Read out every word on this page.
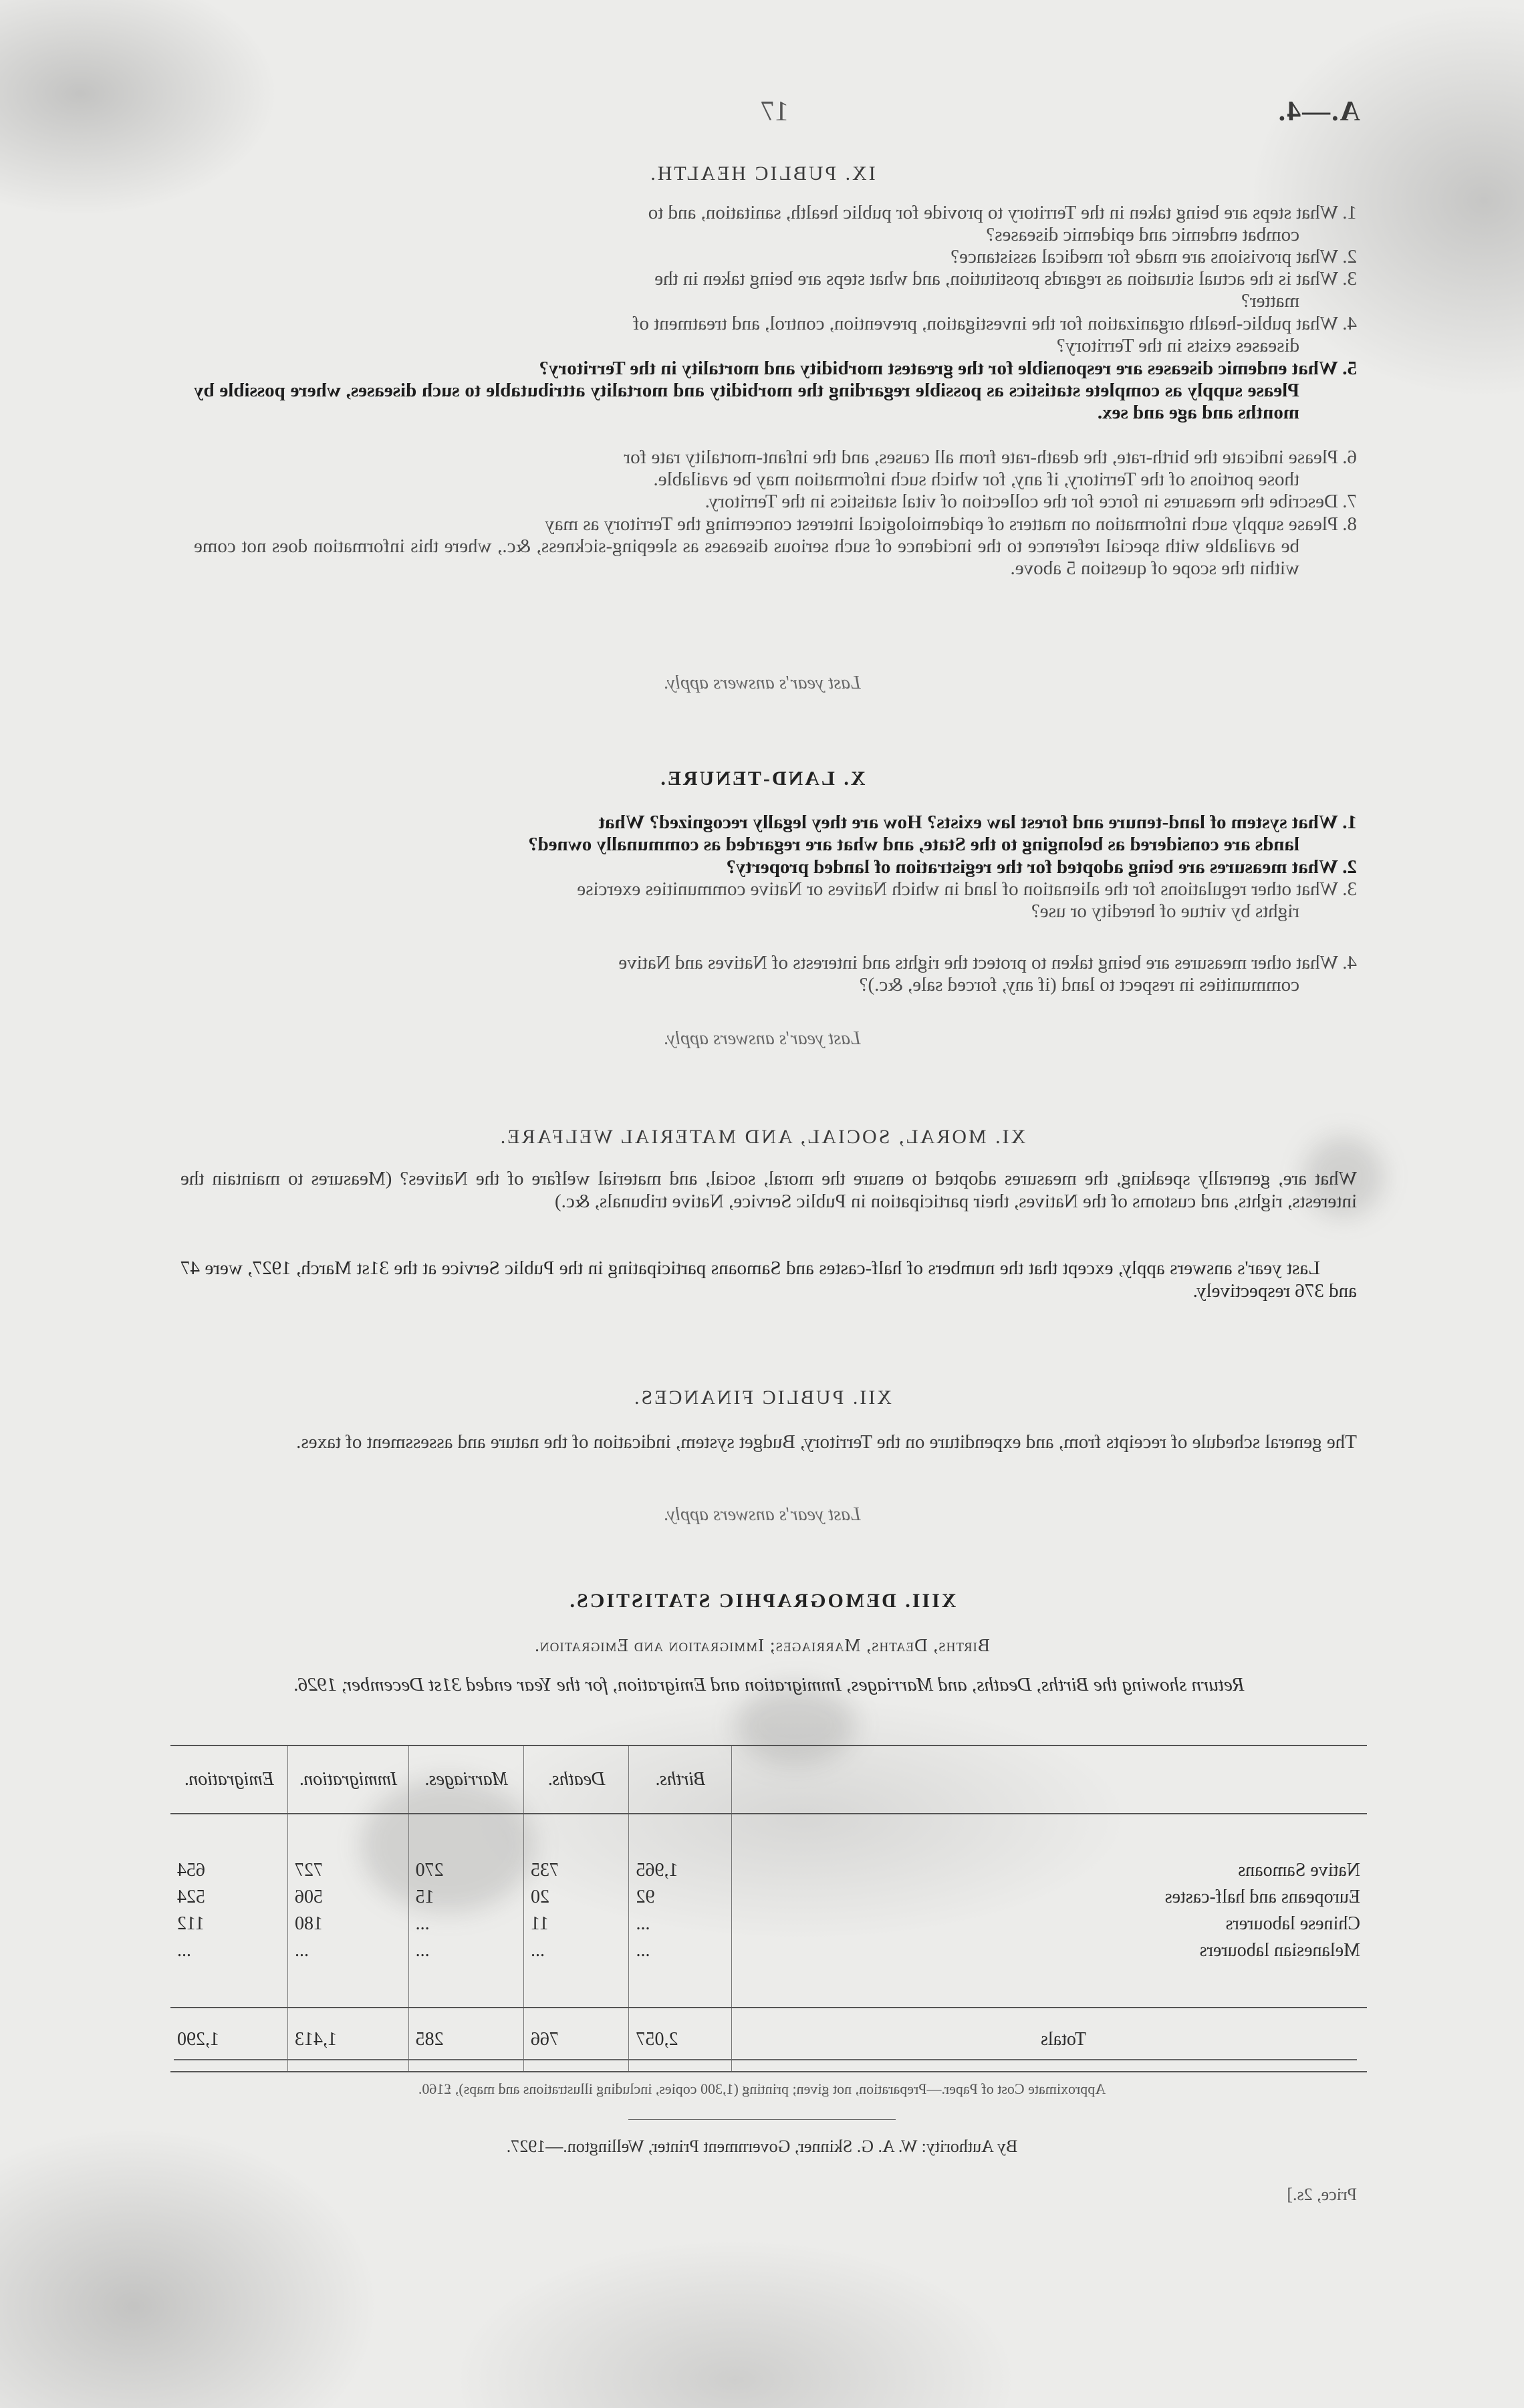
A.—4.
17
IX. PUBLIC HEALTH.
1.
What steps are being taken in the Territory to provide for public health, sanitation, and to
combat endemic and epidemic diseases?
2.
What provisions are made for medical assistance?
3.
What is the actual situation as regards prostitution, and what steps are being taken in the
matter?
4.
What public-health organization for the investigation, prevention, control, and treatment of
diseases exists in the Territory?
5.
What endemic diseases are responsible for the greatest morbidity and mortality in the Territory?
Please supply as complete statistics as possible regarding the morbidity and mortality attributable to such diseases, where possible by months and age and sex.
6.
Please indicate the birth-rate, the death-rate from all causes, and the infant-mortality rate for
those portions of the Territory, if any, for which such information may be available.
7.
Describe the measures in force for the collection of vital statistics in the Territory.
8.
Please supply such information on matters of epidemiological interest concerning the Territory as may
be available with special reference to the incidence of such serious diseases as sleeping-sickness, &c., where this information does not come within the scope of question 5 above.
Last year's answers apply.
X. LAND-TENURE.
1.
What system of land-tenure and forest law exists? How are they legally recognized? What
lands are considered as belonging to the State, and what are regarded as communally owned?
2.
What measures are being adopted for the registration of landed property?
3.
What other regulations for the alienation of land in which Natives or Native communities exercise
rights by virtue of heredity or use?
4.
What other measures are being taken to protect the rights and interests of Natives and Native
communities in respect to land (if any, forced sale, &c.)?
Last year's answers apply.
XI. MORAL, SOCIAL, AND MATERIAL WELFARE.
What are, generally speaking, the measures adopted to ensure the moral, social, and material welfare of the Natives? (Measures to maintain the interests, rights, and customs of the Natives, their participation in Public Service, Native tribunals, &c.)
Last year's answers apply, except that the numbers of half-castes and Samoans participating in the Public Service at the 31st March, 1927, were 47 and 376 respectively.
XII. PUBLIC FINANCES.
The general schedule of receipts from, and expenditure on the Territory, Budget system, indication of the nature and assessment of taxes.
Last year's answers apply.
XIII. DEMOGRAPHIC STATISTICS.
Births, Deaths, Marriages; Immigration and Emigration.
Return showing the Births, Deaths, and Marriages, Immigration and Emigration, for the Year ended 31st December, 1926.
	Births.	Deaths.	Marriages.	Immigration.	Emigration.

Native Samoans	1,965	735	270	727	654
Europeans and half-castes	92	20	15	506	524
Chinese labourers	...	11	...	180	112
Melanesian labourers	...	...	...	...	...

Totals	2,057	766	285	1,413	1,290
Approximate Cost of Paper.—Preparation, not given; printing (1,300 copies, including illustrations and maps), £160.
By Authority: W. A. G. Skinner, Government Printer, Wellington.—1927.
Price, 2s.]
